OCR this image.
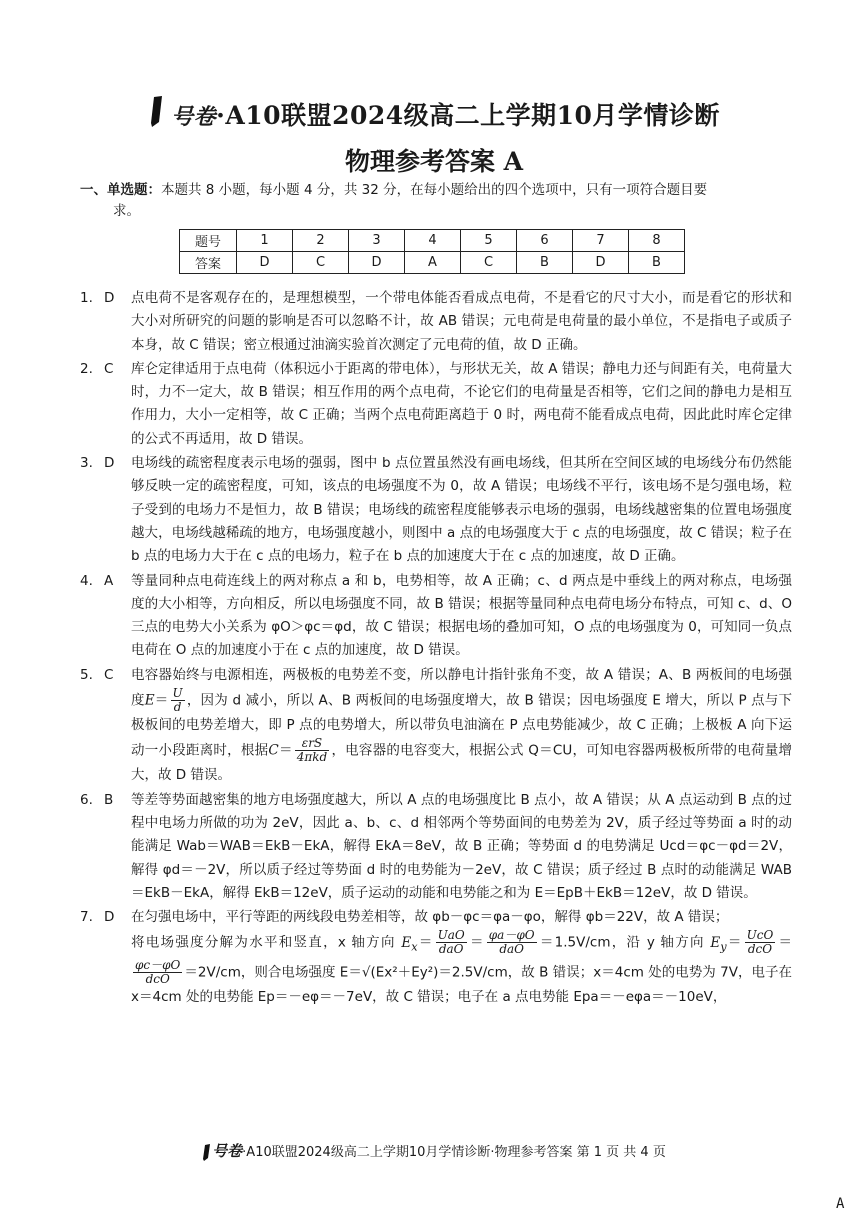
号卷·A10联盟2024级高二上学期10月学情诊断
物理参考答案 A
一、单选题：本题共 8 小题，每小题 4 分，共 32 分，在每小题给出的四个选项中，只有一项符合题目要
求。
题号	1	2	3	4	5	6	7	8
答案	D	C	D	A	C	B	D	B
1. D	点电荷不是客观存在的，是理想模型，一个带电体能否看成点电荷，不是看它的尺寸大小，而是看它的形状和大小对所研究的问题的影响是否可以忽略不计，故 AB 错误；元电荷是电荷量的最小单位，不是指电子或质子本身，故 C 错误；密立根通过油滴实验首次测定了元电荷的值，故 D 正确。

2. C	库仑定律适用于点电荷（体积远小于距离的带电体），与形状无关，故 A 错误；静电力还与间距有关，电荷量大时，力不一定大，故 B 错误；相互作用的两个点电荷，不论它们的电荷量是否相等，它们之间的静电力是相互作用力，大小一定相等，故 C 正确；当两个点电荷距离趋于 0 时，两电荷不能看成点电荷，因此此时库仑定律的公式不再适用，故 D 错误。

3. D	电场线的疏密程度表示电场的强弱，图中 b 点位置虽然没有画电场线，但其所在空间区域的电场线分布仍然能够反映一定的疏密程度，可知，该点的电场强度不为 0，故 A 错误；电场线不平行，该电场不是匀强电场，粒子受到的电场力不是恒力，故 B 错误；电场线的疏密程度能够表示电场的强弱，电场线越密集的位置电场强度越大，电场线越稀疏的地方，电场强度越小，则图中 a 点的电场强度大于 c 点的电场强度，故 C 错误；粒子在 b 点的电场力大于在 c 点的电场力，粒子在 b 点的加速度大于在 c 点的加速度，故 D 正确。

4. A	等量同种点电荷连线上的两对称点 a 和 b，电势相等，故 A 正确；c、d 两点是中垂线上的两对称点，电场强度的大小相等，方向相反，所以电场强度不同，故 B 错误；根据等量同种点电荷电场分布特点，可知 c、d、O 三点的电势大小关系为 φO＞φc＝φd，故 C 错误；根据电场的叠加可知，O 点的电场强度为 0，可知同一负点电荷在 O 点的加速度小于在 c 点的加速度，故 D 错误。

5. C	电容器始终与电源相连，两极板的电势差不变，所以静电计指针张角不变，故 A 错误；A、B 两板间的电场强度$E= \frac{U}{d}$ ，因为 d 减小，所以 A、B 两板间的电场强度增大，故 B 错误；因电场强度 E 增大，所以 P 点与下极板间的电势差增大，即 P 点的电势增大，所以带负电油滴在 P 点电势能减少，故 C 正确；上极板 A 向下运动一小段距离时，根据$C= \frac{\text{εrS}}{\text{4πkd}}$ ，电容器的电容变大，根据公式 Q＝CU，可知电容器两极板所带的电荷量增大，故 D 错误。

6. B	等差等势面越密集的地方电场强度越大，所以 A 点的电场强度比 B 点小，故 A 错误；从 A 点运动到 B 点的过程中电场力所做的功为 2eV，因此 a、b、c、d 相邻两个等势面间的电势差为 2V，质子经过等势面 a 时的动能满足 Wab＝WAB＝EkB－EkA，解得 EkA＝8eV，故 B 正确；等势面 d 的电势满足 Ucd＝φc－φd＝2V，解得 φd＝－2V，所以质子经过等势面 d 时的电势能为－2eV，故 C 错误；质子经过 B 点时的动能满足 WAB＝EkB－EkA，解得 EkB＝12eV，质子运动的动能和电势能之和为 E＝EpB＋EkB＝12eV，故 D 错误。

7. D	在匀强电场中，平行等距的两线段电势差相等，故 φb－φc＝φa－φo，解得 φb＝22V，故 A 错误；
将电场强度分解为水平和竖直，x 轴方向 $E_x= \frac{\text{UaO}}{\text{daO}} = \frac{\varphi a-\varphi O}{\text{daO}} =1.5V/cm$，沿 y 轴方向 $E_y= \frac{\text{UcO}}{\text{dcO}}$ ＝
$\frac{\varphi c-\varphi O}{\text{dcO}} =2V/cm$，则合电场强度 E＝√(Ex²＋Ey²)＝2.5V/cm，故 B 错误；x＝4cm 处的电势为 7V，电子在 x＝4cm 处的电势能 Ep＝－eφ＝－7eV，故 C 错误；电子在 a 点电势能 Epa＝－eφa＝－10eV，

号卷·A10联盟2024级高二上学期10月学情诊断·物理参考答案 第 1 页 共 4 页
A
